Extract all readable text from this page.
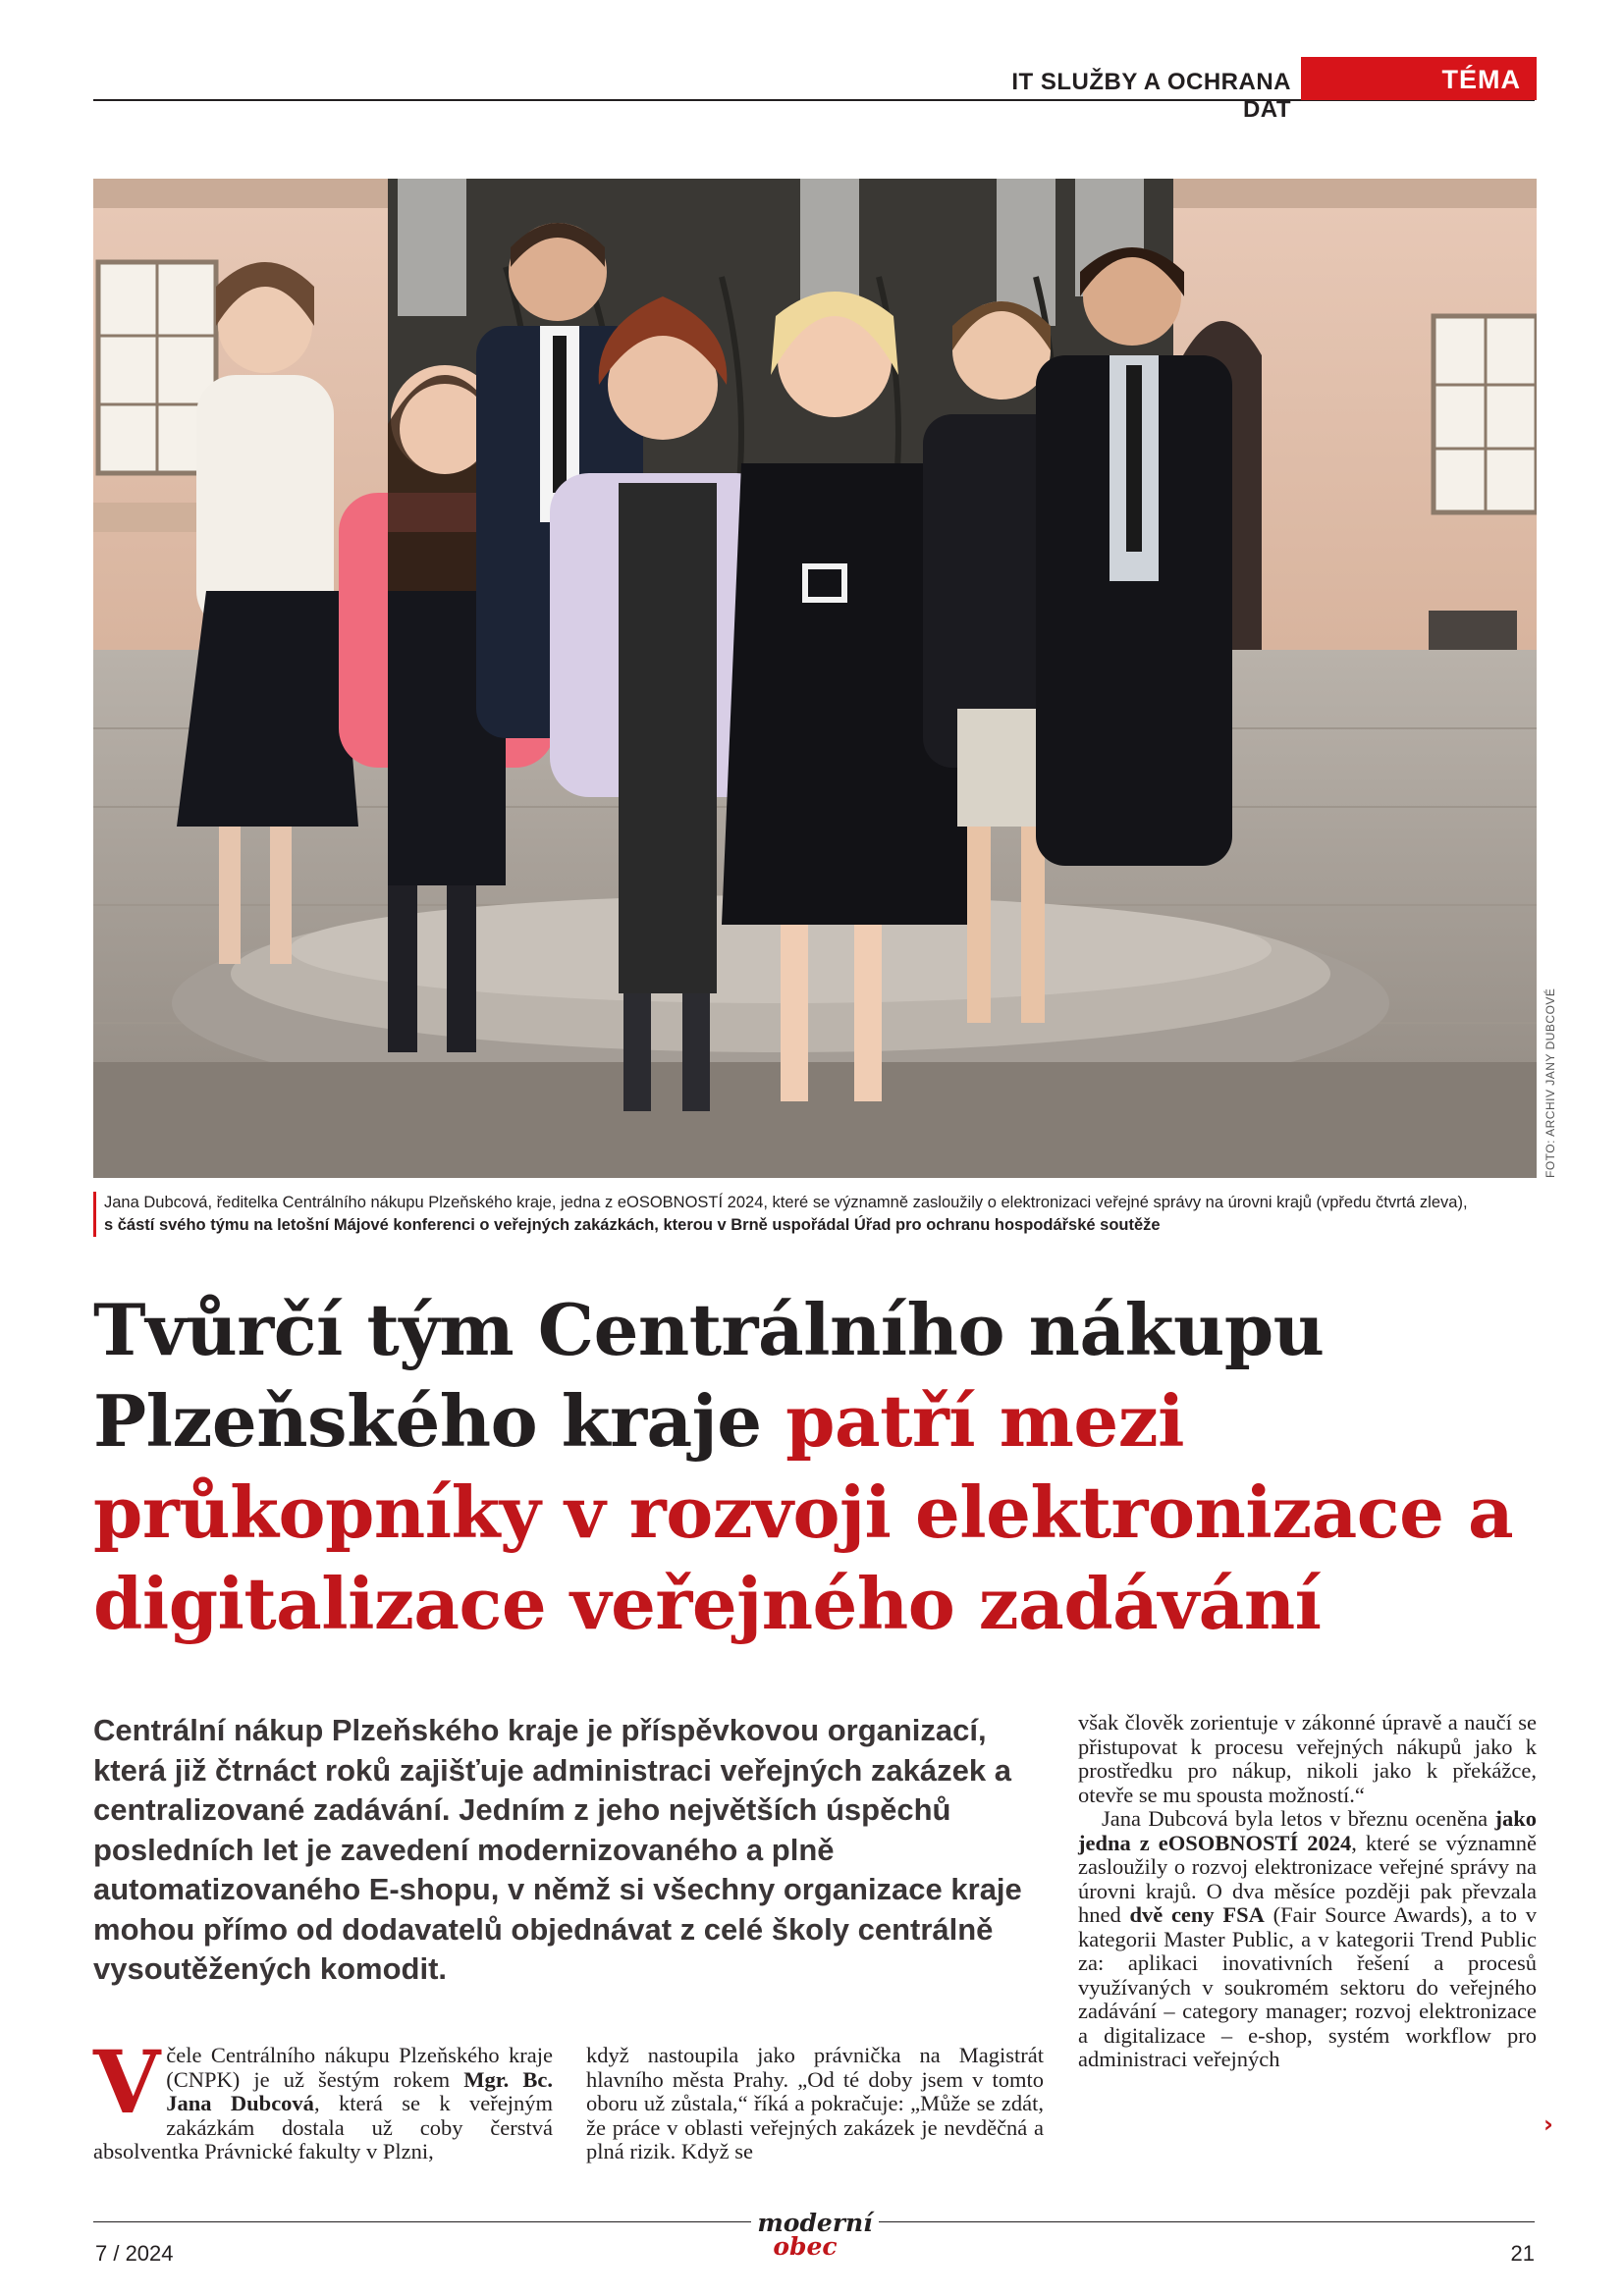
IT SLUŽBY A OCHRANA DAT
TÉMA
FOTO: ARCHIV JANY DUBCOVÉ
Jana Dubcová, ředitelka Centrálního nákupu Plzeňského kraje, jedna z eOSOBNOSTÍ 2024, které se významně zasloužily o elektronizaci veřejné správy na úrovni krajů (vpředu čtvrtá zleva),
s částí svého týmu na letošní Májové konferenci o veřejných zakázkách, kterou v Brně uspořádal Úřad pro ochranu hospodářské soutěže
Tvůrčí tým Centrálního nákupu Plzeňského kraje patří mezi průkopníky v rozvoji elektronizace a digitalizace veřejného zadávání

Centrální nákup Plzeňského kraje je příspěvkovou organizací, která již čtrnáct roků zajišťuje administraci veřejných zakázek a centralizované zadávání. Jedním z jeho největších úspěchů posledních let je zavedení modernizovaného a plně automatizovaného E-shopu, v němž si všechny organizace kraje mohou přímo od dodavatelů objednávat z celé školy centrálně vysoutěžených komodit.

Včele Centrálního nákupu Plzeňského kraje (CNPK) je už šestým rokem Mgr. Bc. Jana Dubcová, která se k veřejným zakázkám dostala už coby čerstvá absolventka Právnické fakulty v Plzni,
když nastoupila jako právnička na Magistrát hlavního města Prahy. „Od té doby jsem v tomto oboru už zůstala,“ říká a pokračuje: „Může se zdát, že práce v oblasti veřejných zakázek je nevděčná a plná rizik. Když se

však člověk zorientuje v zákonné úpravě a naučí se přistupovat k procesu veřejných nákupů jako k prostředku pro nákup, nikoli jako k překážce, otevře se mu spousta možností.“

Jana Dubcová byla letos v březnu oceněna jako jedna z eOSOBNOSTÍ 2024, které se významně zasloužily o rozvoj elektronizace veřejné správy na úrovni krajů. O dva měsíce později pak převzala hned dvě ceny FSA (Fair Source Awards), a to v kategorii Master Public, a v kategorii Trend Public za: aplikaci inovativních řešení a procesů využívaných v soukromém sektoru do veřejného zadávání – category manager; rozvoj elektronizace a digitalizace – e-shop, systém workflow pro administraci veřejných

›
7 / 2024
moderní
obec	21
